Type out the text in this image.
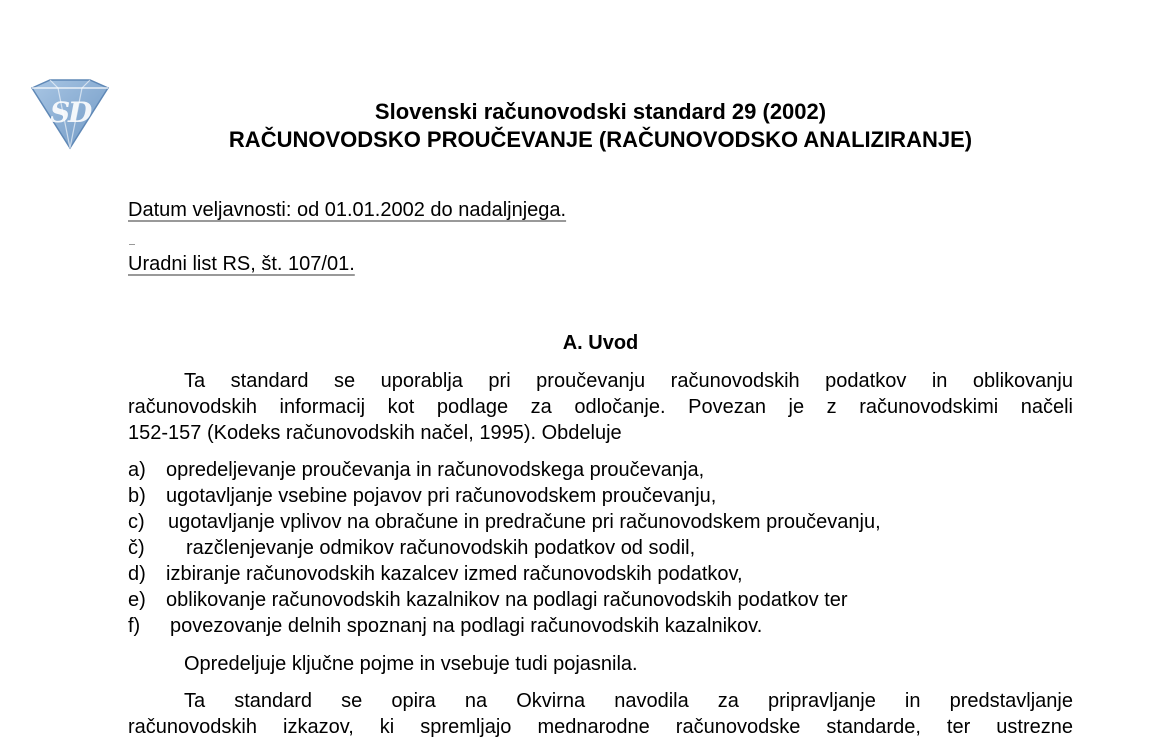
S
D	Slovenski računovodski standard 29 (2002)
RAČUNOVODSKO PROUČEVANJE (RAČUNOVODSKO ANALIZIRANJE)
Datum veljavnosti: od 01.01.2002 do nadaljnjega.
Uradni list RS, št. 107/01.
A. Uvod
Ta standard se uporablja pri proučevanju računovodskih podatkov in oblikovanju
računovodskih informacij kot podlage za odločanje. Povezan je z računovodskimi načeli
152-157 (Kodeks računovodskih načel, 1995). Obdeluje
a) opredeljevanje proučevanja in računovodskega proučevanja,
b) ugotavljanje vsebine pojavov pri računovodskem proučevanju,
c) ugotavljanje vplivov na obračune in predračune pri računovodskem proučevanju,
č) razčlenjevanje odmikov računovodskih podatkov od sodil,
d) izbiranje računovodskih kazalcev izmed računovodskih podatkov,
e) oblikovanje računovodskih kazalnikov na podlagi računovodskih podatkov ter
f) povezovanje delnih spoznanj na podlagi računovodskih kazalnikov.
Opredeljuje ključne pojme in vsebuje tudi pojasnila.
Ta standard se opira na Okvirna navodila za pripravljanje in predstavljanje
računovodskih izkazov, ki spremljajo mednarodne računovodske standarde, ter ustrezne
